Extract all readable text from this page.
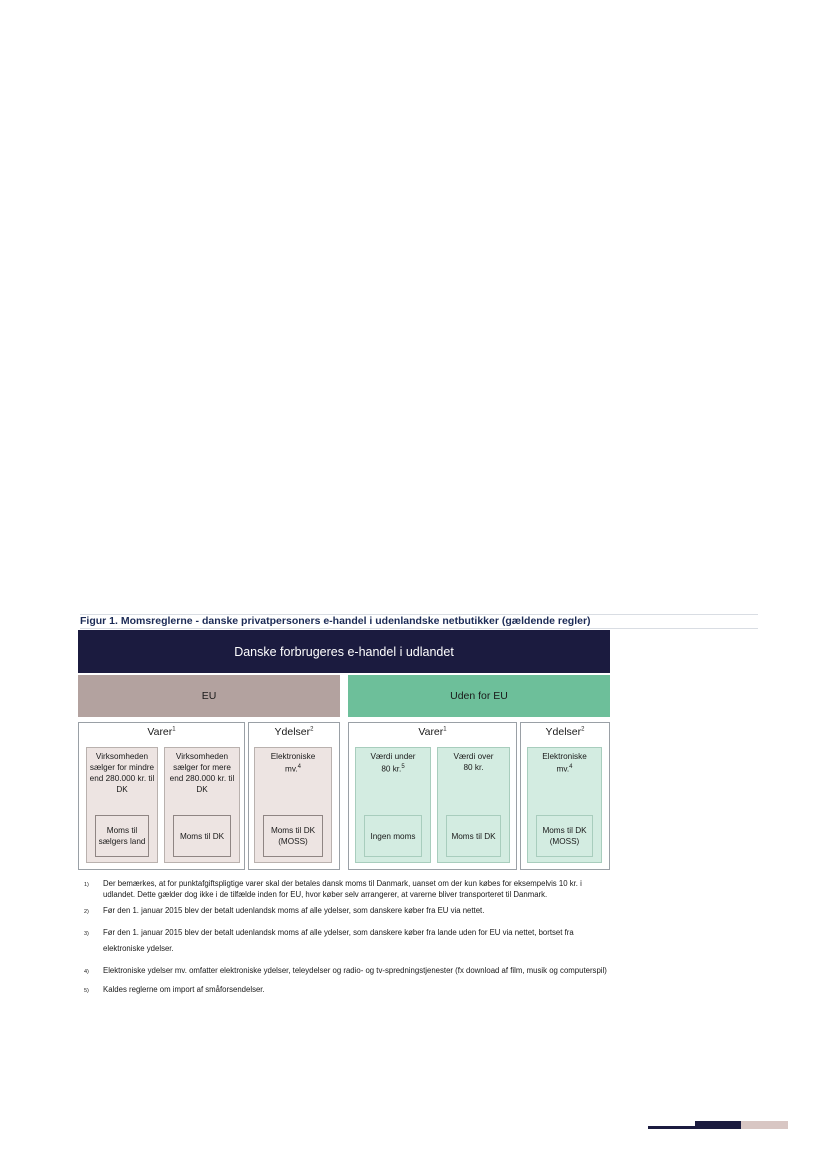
Figur 1. Momsreglerne - danske privatpersoners e-handel i udenlandske netbutikker (gældende regler)
Danske forbrugeres e-handel i udlandet
EU	Uden for EU
Varer$^1$	Ydelser$^2$	Varer$^1$	Ydelser$^2$
Virksomheden sælger for mindre end 280.000 kr. til DK
Moms til sælgers land
Virksomheden sælger for mere end 280.000 kr. til DK
Moms til DK
Elektroniske mv.$^4$
Moms til DK (MOSS)
Værdi under 80 kr.$^5$
Ingen moms
Værdi over 80 kr.
Moms til DK
Elektroniske mv.$^4$
Moms til DK (MOSS)
1) Der bemærkes, at for punktafgiftspligtige varer skal der betales dansk moms til Danmark, uanset om der kun købes for eksempelvis 10 kr. i udlandet. Dette gælder dog ikke i de tilfælde inden for EU, hvor køber selv arrangerer, at varerne bliver transporteret til Danmark.
2) Før den 1. januar 2015 blev der betalt udenlandsk moms af alle ydelser, som danskere køber fra EU via nettet.
3) Før den 1. januar 2015 blev der betalt udenlandsk moms af alle ydelser, som danskere køber fra lande uden for EU via nettet, bortset fra elektroniske ydelser.
4) Elektroniske ydelser mv. omfatter elektroniske ydelser, teleydelser og radio- og tv-spredningstjenester (fx download af film, musik og computerspil)
5) Kaldes reglerne om import af småforsendelser.
